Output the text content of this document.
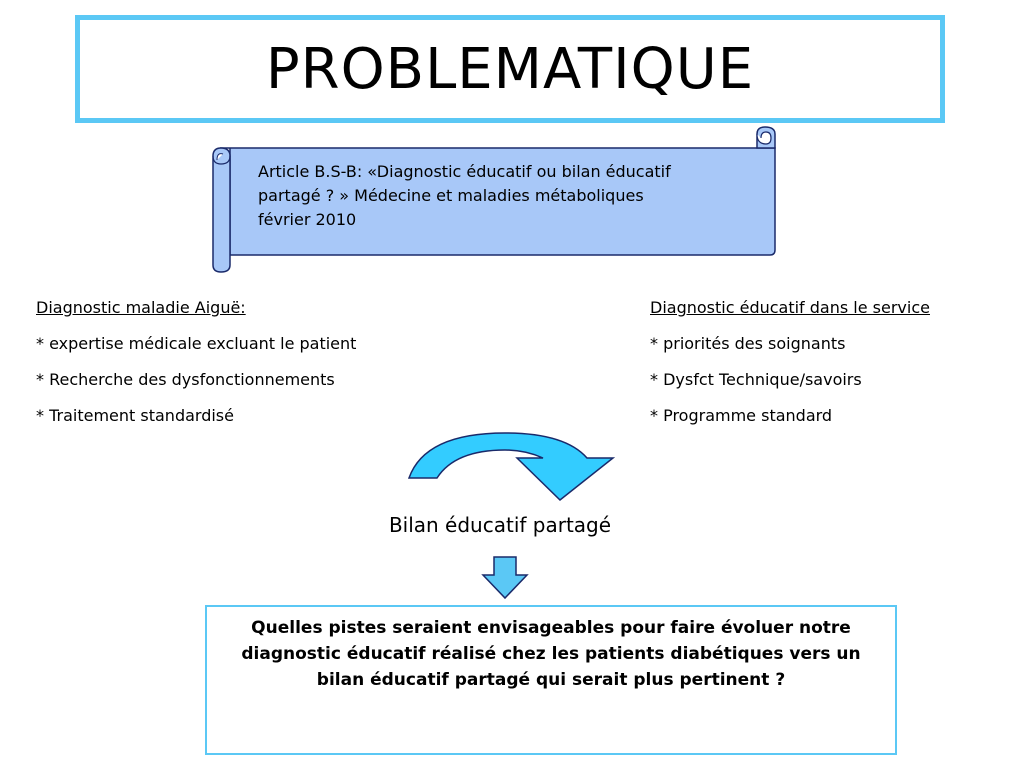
PROBLEMATIQUE
Article B.S-B: «Diagnostic éducatif ou bilan éducatif
partagé ? » Médecine et maladies métaboliques
février 2010
Diagnostic maladie Aiguë:
* expertise médicale excluant le patient
* Recherche des dysfonctionnements
* Traitement standardisé
Diagnostic éducatif dans le service
* priorités des soignants
* Dysfct Technique/savoirs
* Programme standard
Bilan éducatif partagé
Quelles pistes seraient envisageables pour faire évoluer notre diagnostic éducatif réalisé chez les patients diabétiques vers un bilan éducatif partagé qui serait plus pertinent ?
